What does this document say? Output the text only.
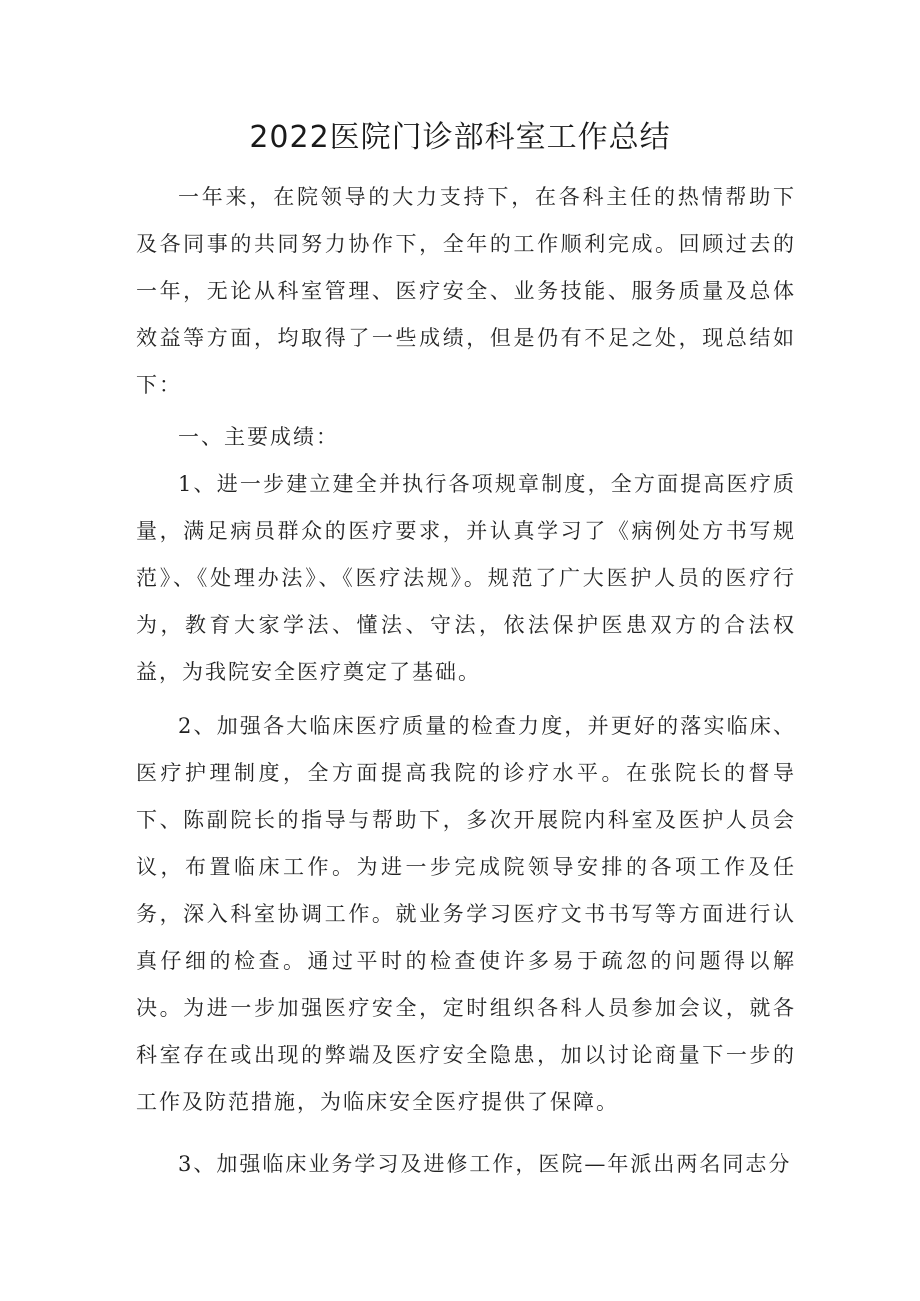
2022医院门诊部科室工作总结

一年来，在院领导的大力支持下，在各科主任的热情帮助下及各同事的共同努力协作下，全年的工作顺利完成。回顾过去的一年，无论从科室管理、医疗安全、业务技能、服务质量及总体效益等方面，均取得了一些成绩，但是仍有不足之处，现总结如下：

一、主要成绩：

1、进一步建立建全并执行各项规章制度，全方面提高医疗质量，满足病员群众的医疗要求，并认真学习了《病例处方书写规范》、《处理办法》、《医疗法规》。规范了广大医护人员的医疗行为，教育大家学法、懂法、守法，依法保护医患双方的合法权益，为我院安全医疗奠定了基础。

2、加强各大临床医疗质量的检查力度，并更好的落实临床、医疗护理制度，全方面提高我院的诊疗水平。在张院长的督导下、陈副院长的指导与帮助下，多次开展院内科室及医护人员会议，布置临床工作。为进一步完成院领导安排的各项工作及任务，深入科室协调工作。就业务学习医疗文书书写等方面进行认真仔细的检查。通过平时的检查使许多易于疏忽的问题得以解决。为进一步加强医疗安全，定时组织各科人员参加会议，就各科室存在或出现的弊端及医疗安全隐患，加以讨论商量下一步的工作及防范措施，为临床安全医疗提供了保障。

3、加强临床业务学习及进修工作，医院—年派出两名同志分
